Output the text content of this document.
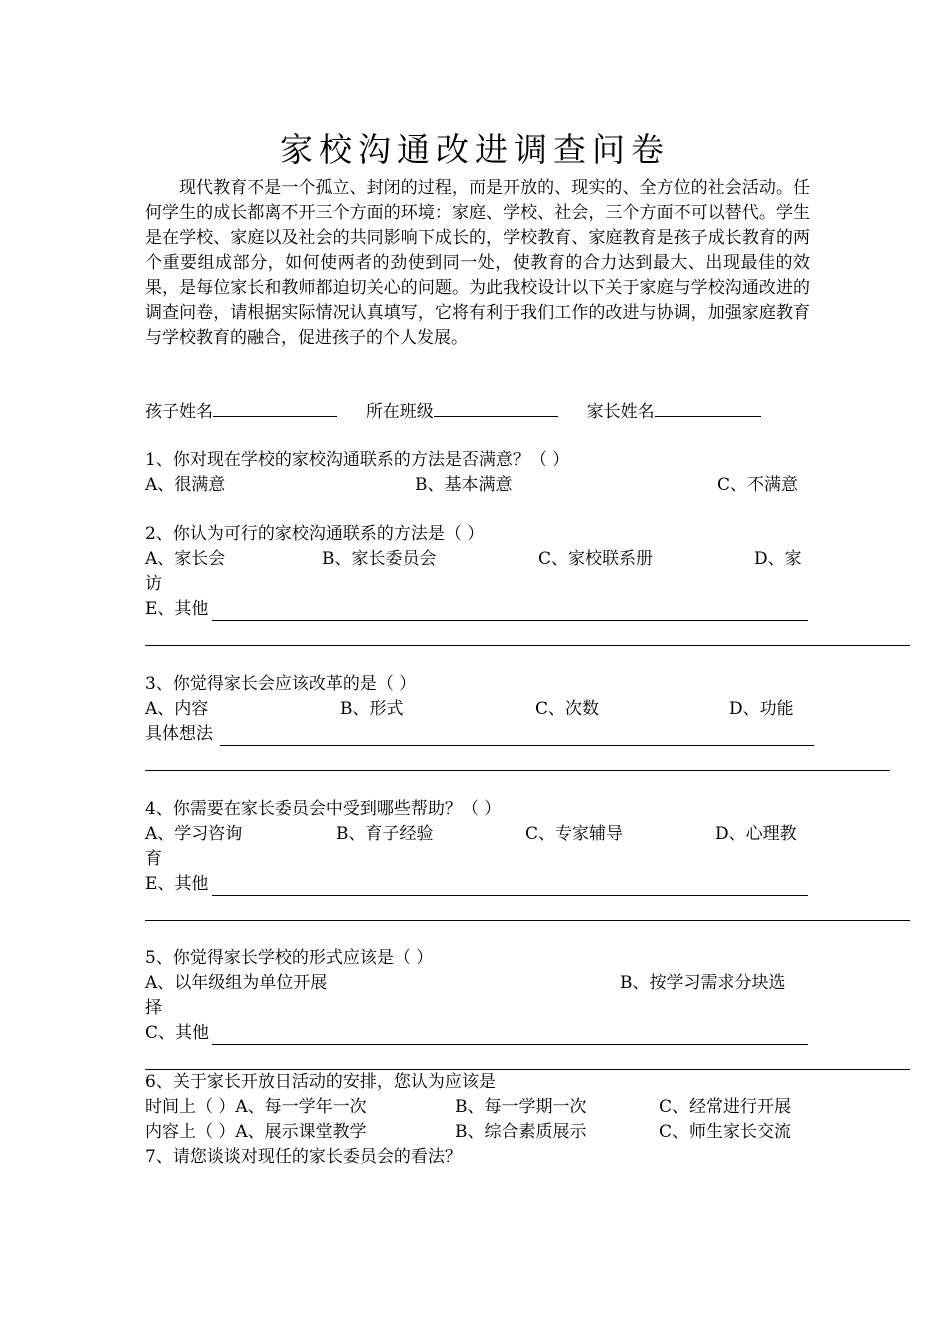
家校沟通改进调查问卷
现代教育不是一个孤立、封闭的过程，而是开放的、现实的、全方位的社会活动。任何学生的成长都离不开三个方面的环境：家庭、学校、社会，三个方面不可以替代。学生是在学校、家庭以及社会的共同影响下成长的，学校教育、家庭教育是孩子成长教育的两个重要组成部分，如何使两者的劲使到同一处，使教育的合力达到最大、出现最佳的效果，是每位家长和教师都迫切关心的问题。为此我校设计以下关于家庭与学校沟通改进的调查问卷，请根据实际情况认真填写，它将有利于我们工作的改进与协调，加强家庭教育与学校教育的融合，促进孩子的个人发展。
孩子姓名	所在班级	家长姓名
1、你对现在学校的家校沟通联系的方法是否满意？（ ）
A、很满意	B、基本满意	C、不满意
2、你认为可行的家校沟通联系的方法是（ ）
A、家长会	B、家长委员会	C、家校联系册	D、家
访
E、其他
3、你觉得家长会应该改革的是（ ）
A、内容	B、形式	C、次数	D、功能
具体想法
4、你需要在家长委员会中受到哪些帮助？（ ）
A、学习咨询	B、育子经验	C、专家辅导	D、心理教
育
E、其他
5、你觉得家长学校的形式应该是（ ）
A、以年级组为单位开展	B、按学习需求分块选
择
C、其他
6、关于家长开放日活动的安排，您认为应该是
时间上（ ）A、每一学年一次	B、每一学期一次	C、经常进行开展
内容上（ ）A、展示课堂教学	B、综合素质展示	C、师生家长交流
7、请您谈谈对现任的家长委员会的看法？
